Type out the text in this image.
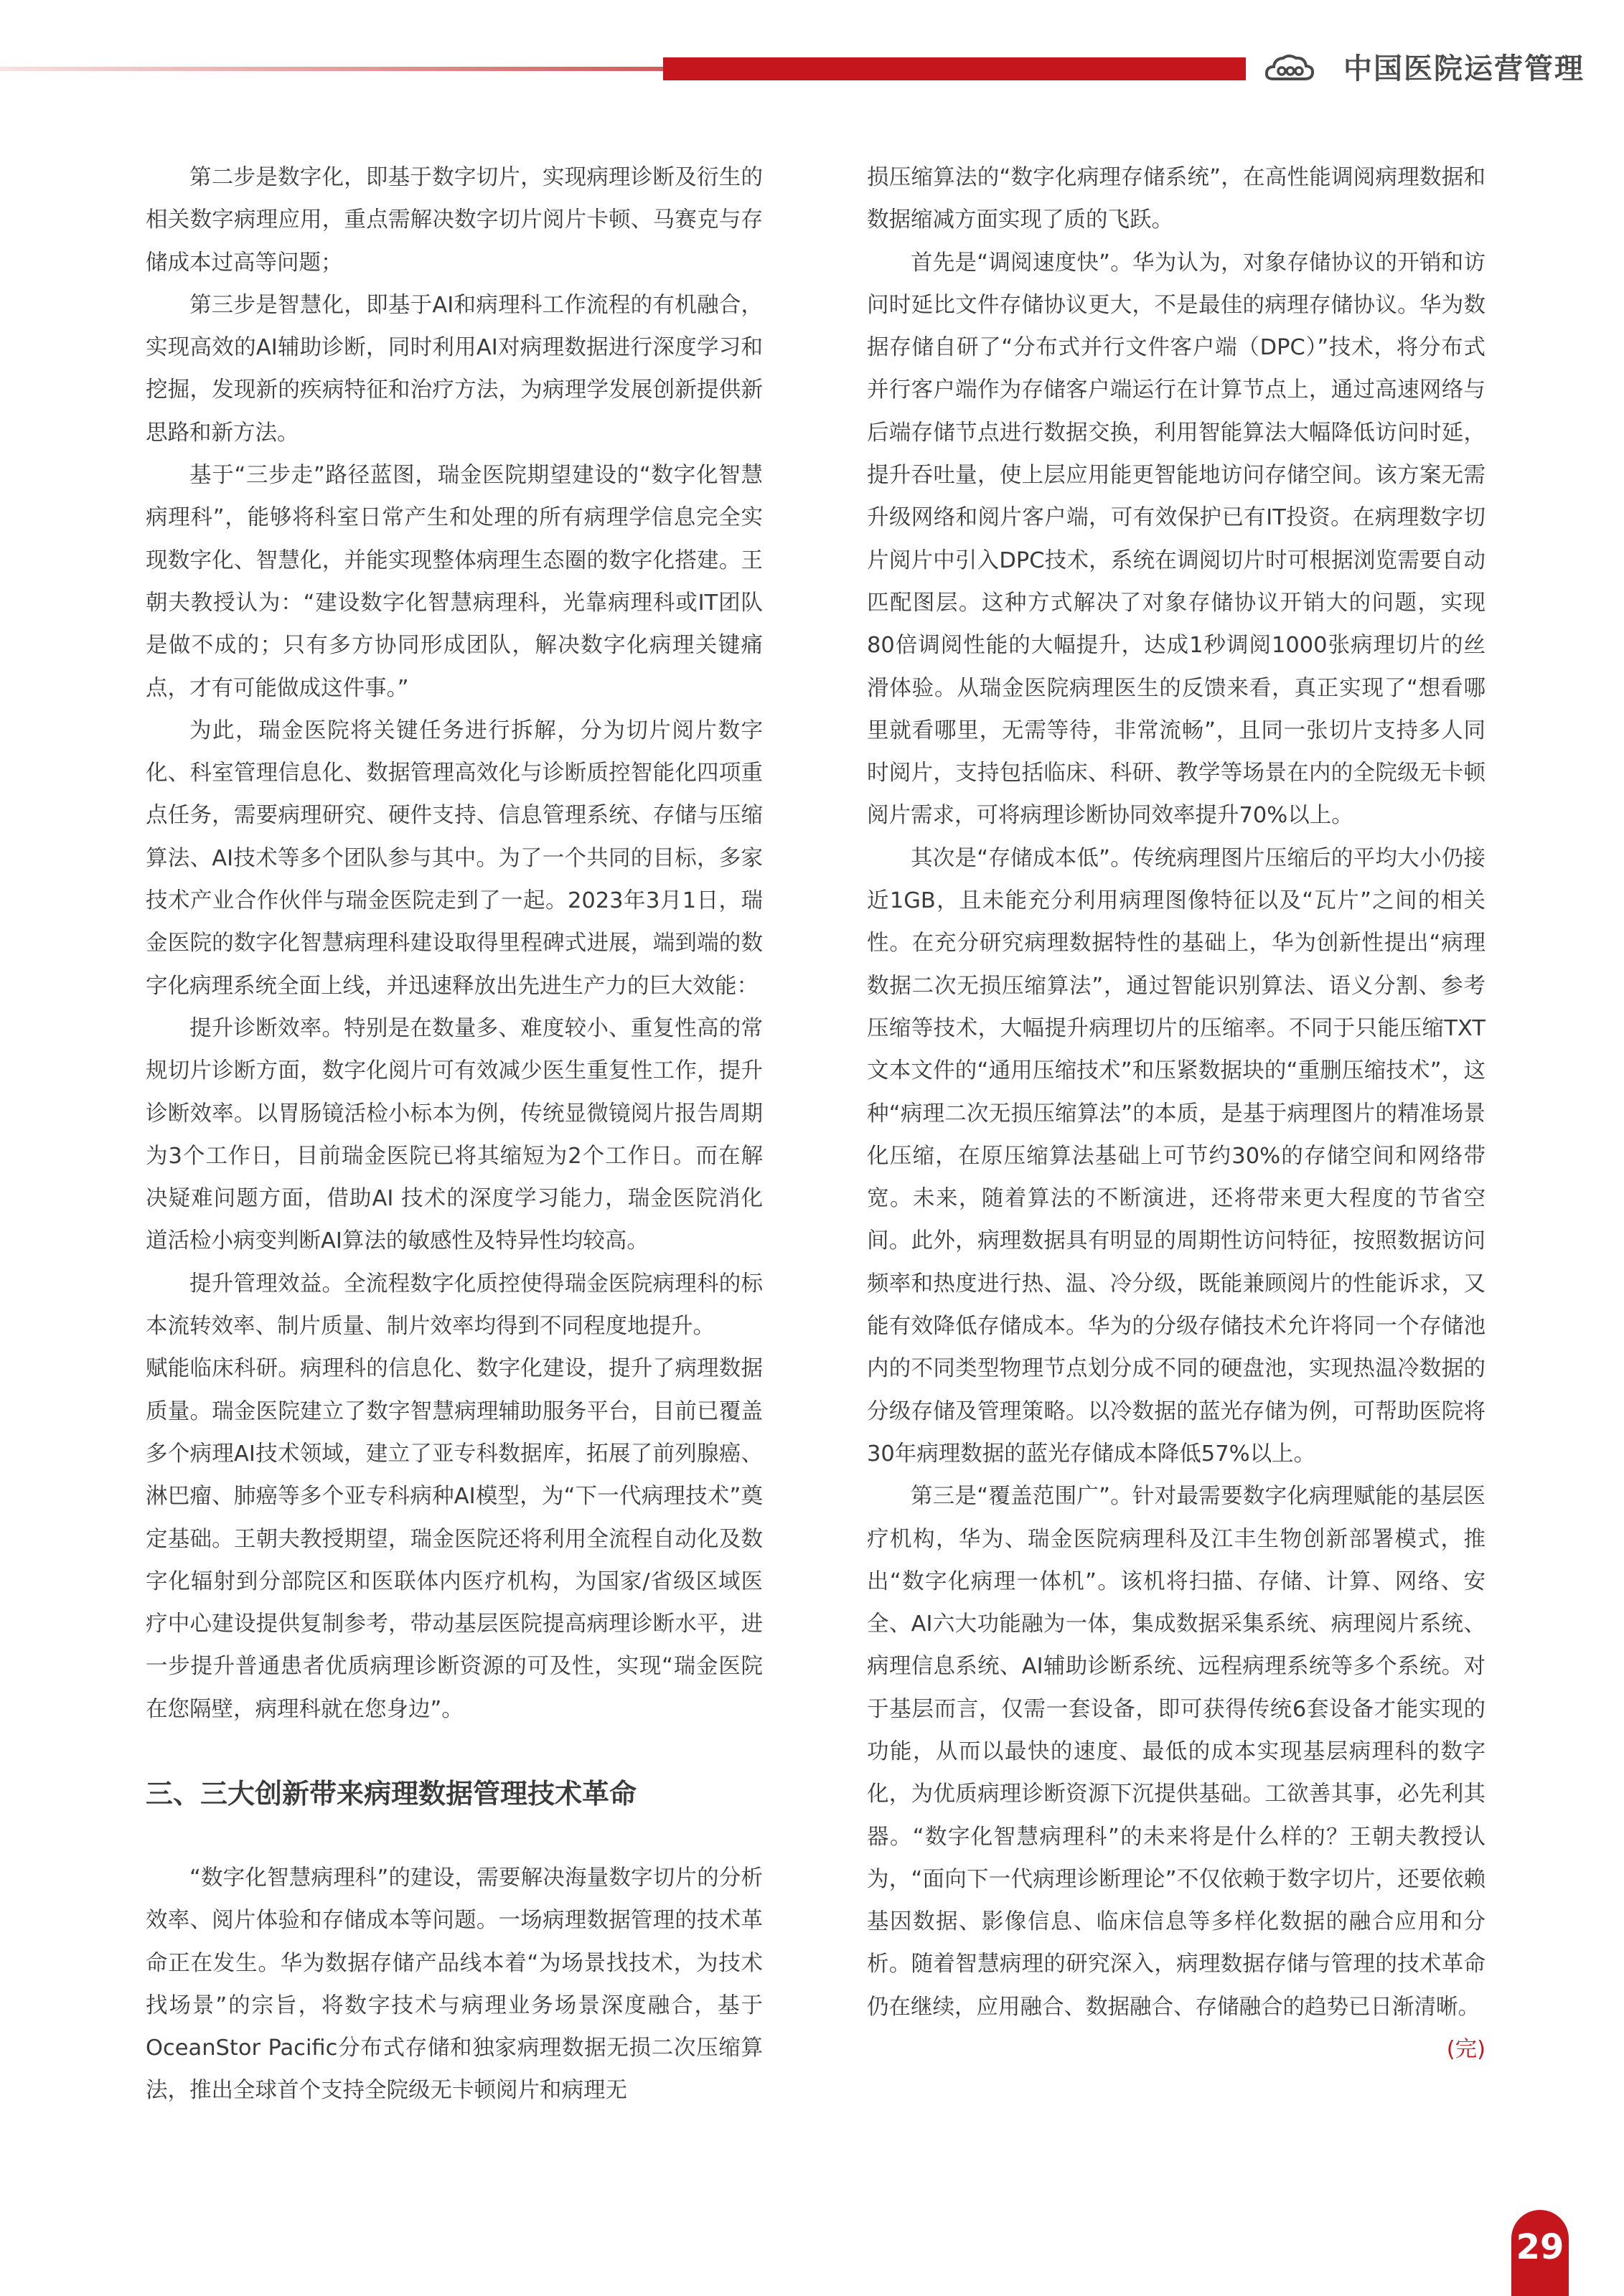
中国医院运营管理

第二步是数字化，即基于数字切片，实现病理诊断及衍生的相关数字病理应用，重点需解决数字切片阅片卡顿、马赛克与存储成本过高等问题；

第三步是智慧化，即基于AI和病理科工作流程的有机融合，实现高效的AI辅助诊断，同时利用AI对病理数据进行深度学习和挖掘，发现新的疾病特征和治疗方法，为病理学发展创新提供新思路和新方法。

基于“三步走”路径蓝图，瑞金医院期望建设的“数字化智慧病理科”，能够将科室日常产生和处理的所有病理学信息完全实现数字化、智慧化，并能实现整体病理生态圈的数字化搭建。王朝夫教授认为：“建设数字化智慧病理科，光靠病理科或IT团队是做不成的；只有多方协同形成团队，解决数字化病理关键痛点，才有可能做成这件事。”

为此，瑞金医院将关键任务进行拆解，分为切片阅片数字化、科室管理信息化、数据管理高效化与诊断质控智能化四项重点任务，需要病理研究、硬件支持、信息管理系统、存储与压缩算法、AI技术等多个团队参与其中。为了一个共同的目标，多家技术产业合作伙伴与瑞金医院走到了一起。2023年3月1日，瑞金医院的数字化智慧病理科建设取得里程碑式进展，端到端的数字化病理系统全面上线，并迅速释放出先进生产力的巨大效能：

提升诊断效率。特别是在数量多、难度较小、重复性高的常规切片诊断方面，数字化阅片可有效减少医生重复性工作，提升诊断效率。以胃肠镜活检小标本为例，传统显微镜阅片报告周期为3个工作日，目前瑞金医院已将其缩短为2个工作日。而在解决疑难问题方面，借助AI 技术的深度学习能力，瑞金医院消化道活检小病变判断AI算法的敏感性及特异性均较高。

提升管理效益。全流程数字化质控使得瑞金医院病理科的标本流转效率、制片质量、制片效率均得到不同程度地提升。

赋能临床科研。病理科的信息化、数字化建设，提升了病理数据质量。瑞金医院建立了数字智慧病理辅助服务平台，目前已覆盖多个病理AI技术领域，建立了亚专科数据库，拓展了前列腺癌、淋巴瘤、肺癌等多个亚专科病种AI模型，为“下一代病理技术”奠定基础。王朝夫教授期望，瑞金医院还将利用全流程自动化及数字化辐射到分部院区和医联体内医疗机构，为国家/省级区域医疗中心建设提供复制参考，带动基层医院提高病理诊断水平，进一步提升普通患者优质病理诊断资源的可及性，实现“瑞金医院在您隔壁，病理科就在您身边”。

三、三大创新带来病理数据管理技术革命

“数字化智慧病理科”的建设，需要解决海量数字切片的分析效率、阅片体验和存储成本等问题。一场病理数据管理的技术革命正在发生。华为数据存储产品线本着“为场景找技术，为技术找场景”的宗旨，将数字技术与病理业务场景深度融合，基于OceanStor Pacific分布式存储和独家病理数据无损二次压缩算法，推出全球首个支持全院级无卡顿阅片和病理无

损压缩算法的“数字化病理存储系统”，在高性能调阅病理数据和数据缩减方面实现了质的飞跃。

首先是“调阅速度快”。华为认为，对象存储协议的开销和访问时延比文件存储协议更大，不是最佳的病理存储协议。华为数据存储自研了“分布式并行文件客户端（DPC）”技术，将分布式并行客户端作为存储客户端运行在计算节点上，通过高速网络与后端存储节点进行数据交换，利用智能算法大幅降低访问时延，提升吞吐量，使上层应用能更智能地访问存储空间。该方案无需升级网络和阅片客户端，可有效保护已有IT投资。在病理数字切片阅片中引入DPC技术，系统在调阅切片时可根据浏览需要自动匹配图层。这种方式解决了对象存储协议开销大的问题，实现80倍调阅性能的大幅提升，达成1秒调阅1000张病理切片的丝滑体验。从瑞金医院病理医生的反馈来看，真正实现了“想看哪里就看哪里，无需等待，非常流畅”，且同一张切片支持多人同时阅片，支持包括临床、科研、教学等场景在内的全院级无卡顿阅片需求，可将病理诊断协同效率提升70%以上。

其次是“存储成本低”。传统病理图片压缩后的平均大小仍接近1GB，且未能充分利用病理图像特征以及“瓦片”之间的相关性。在充分研究病理数据特性的基础上，华为创新性提出“病理数据二次无损压缩算法”，通过智能识别算法、语义分割、参考压缩等技术，大幅提升病理切片的压缩率。不同于只能压缩TXT文本文件的“通用压缩技术”和压紧数据块的“重删压缩技术”，这种“病理二次无损压缩算法”的本质，是基于病理图片的精准场景化压缩，在原压缩算法基础上可节约30%的存储空间和网络带宽。未来，随着算法的不断演进，还将带来更大程度的节省空间。此外，病理数据具有明显的周期性访问特征，按照数据访问频率和热度进行热、温、冷分级，既能兼顾阅片的性能诉求，又能有效降低存储成本。华为的分级存储技术允许将同一个存储池内的不同类型物理节点划分成不同的硬盘池，实现热温冷数据的分级存储及管理策略。以冷数据的蓝光存储为例，可帮助医院将30年病理数据的蓝光存储成本降低57%以上。

第三是“覆盖范围广”。针对最需要数字化病理赋能的基层医疗机构，华为、瑞金医院病理科及江丰生物创新部署模式，推出“数字化病理一体机”。该机将扫描、存储、计算、网络、安全、AI六大功能融为一体，集成数据采集系统、病理阅片系统、病理信息系统、AI辅助诊断系统、远程病理系统等多个系统。对于基层而言，仅需一套设备，即可获得传统6套设备才能实现的功能，从而以最快的速度、最低的成本实现基层病理科的数字化，为优质病理诊断资源下沉提供基础。工欲善其事，必先利其器。“数字化智慧病理科”的未来将是什么样的？王朝夫教授认为，“面向下一代病理诊断理论”不仅依赖于数字切片，还要依赖基因数据、影像信息、临床信息等多样化数据的融合应用和分析。随着智慧病理的研究深入，病理数据存储与管理的技术革命仍在继续，应用融合、数据融合、存储融合的趋势已日渐清晰。
(完)

29
